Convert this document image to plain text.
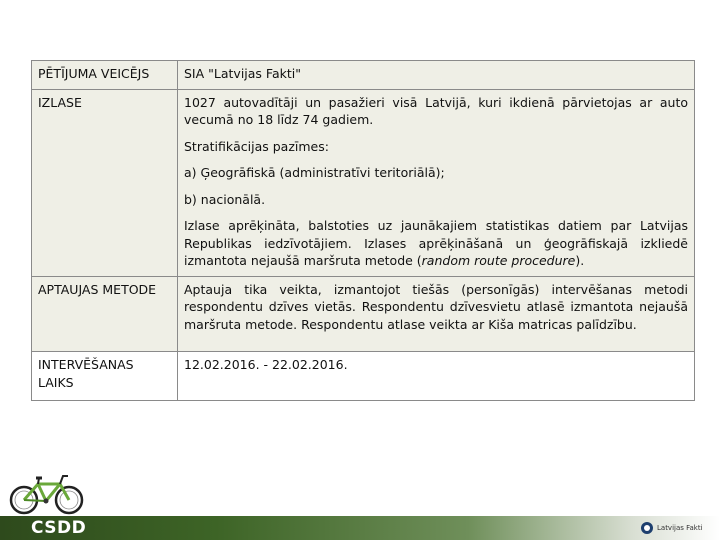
PĒTĪJUMA VEICĒJS	SIA "Latvijas Fakti"
IZLASE	1027 autovadītāji un pasažieri visā Latvijā, kuri ikdienā pārvietojas ar auto vecumā no 18 līdz 74 gadiem.

Stratifikācijas pazīmes:

a) Ģeogrāfiskā (administratīvi teritoriālā);

b) nacionālā.

Izlase aprēķināta, balstoties uz jaunākajiem statistikas datiem par Latvijas Republikas iedzīvotājiem. Izlases aprēķināšanā un ģeogrāfiskajā izkliedē izmantota nejaušā maršruta metode (random route procedure).

APTAUJAS METODE	Aptauja tika veikta, izmantojot tiešās (personīgās) intervēšanas metodi respondentu dzīves vietās. Respondentu dzīvesvietu atlasē izmantota nejaušā maršruta metode. Respondentu atlase veikta ar Kiša matricas palīdzību.
INTERVĒŠANAS LAIKS	12.02.2016. - 22.02.2016.
CSDD	Latvijas Fakti
